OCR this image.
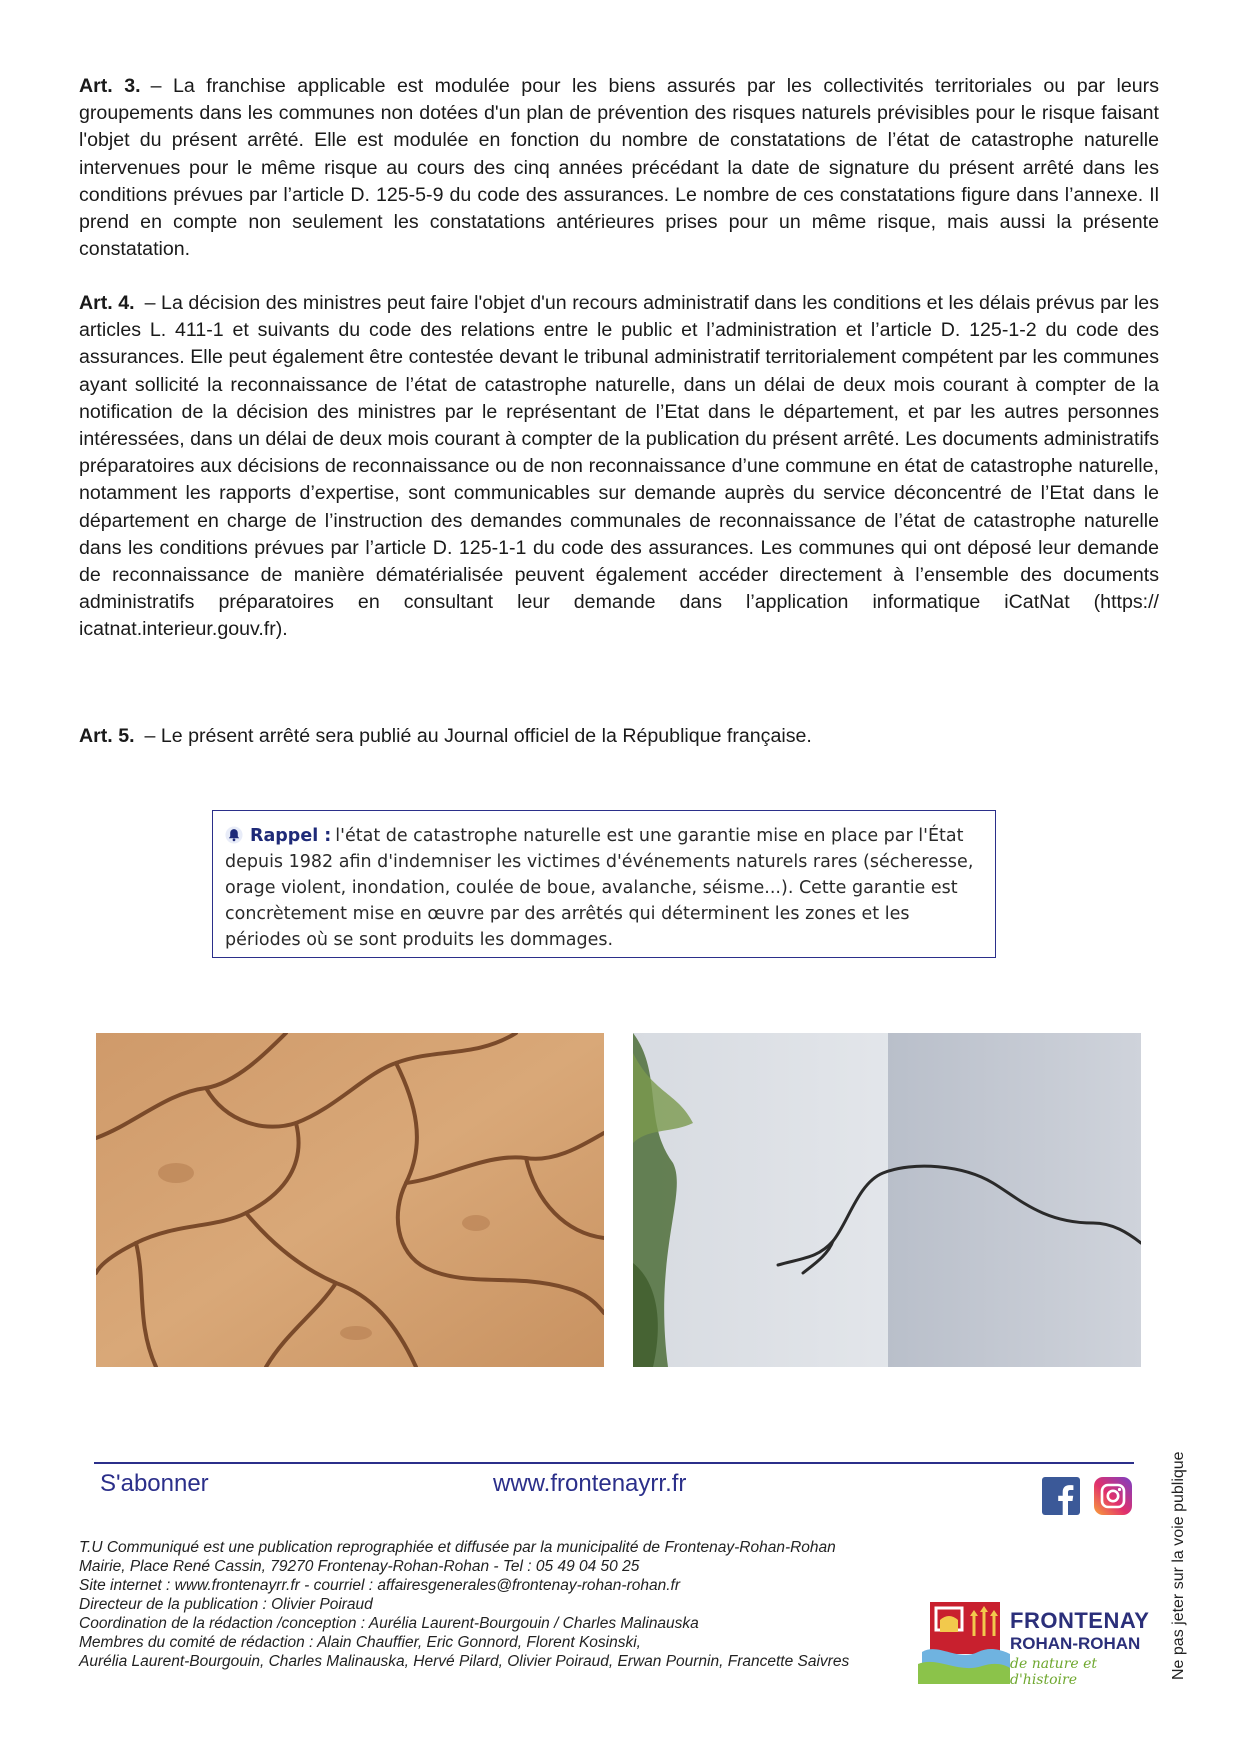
Art. 3. – La franchise applicable est modulée pour les biens assurés par les collectivités territoriales ou par leurs groupements dans les communes non dotées d'un plan de prévention des risques naturels prévisibles pour le risque faisant l'objet du présent arrêté. Elle est modulée en fonction du nombre de constatations de l’état de catastrophe naturelle intervenues pour le même risque au cours des cinq années précédant la date de signature du présent arrêté dans les conditions prévues par l’article D. 125-5-9 du code des assurances. Le nombre de ces constatations figure dans l’annexe. Il prend en compte non seulement les constatations antérieures prises pour un même risque, mais aussi la présente constatation.

Art. 4. – La décision des ministres peut faire l'objet d'un recours administratif dans les conditions et les délais prévus par les articles L. 411-1 et suivants du code des relations entre le public et l’administration et l’article D. 125-1-2 du code des assurances. Elle peut également être contestée devant le tribunal administratif territorialement compétent par les communes ayant sollicité la reconnaissance de l’état de catastrophe naturelle, dans un délai de deux mois courant à compter de la notification de la décision des ministres par le représentant de l’Etat dans le département, et par les autres personnes intéressées, dans un délai de deux mois courant à compter de la publication du présent arrêté. Les documents administratifs préparatoires aux décisions de reconnaissance ou de non reconnaissance d’une commune en état de catastrophe naturelle, notamment les rapports d’expertise, sont communicables sur demande auprès du service déconcentré de l’Etat dans le département en charge de l’instruction des demandes communales de reconnaissance de l’état de catastrophe naturelle dans les conditions prévues par l’article D. 125-1-1 du code des assurances. Les communes qui ont déposé leur demande de reconnaissance de manière dématérialisée peuvent également accéder directement à l’ensemble des documents administratifs préparatoires en consultant leur demande dans l’application informatique iCatNat (https:// icatnat.interieur.gouv.fr).

Art. 5. – Le présent arrêté sera publié au Journal officiel de la République française.

Rappel : l'état de catastrophe naturelle est une garantie mise en place par l'État depuis 1982 afin d'indemniser les victimes d'événements naturels rares (sécheresse, orage violent, inondation, coulée de boue, avalanche, séisme...). Cette garantie est concrètement mise en œuvre par des arrêtés qui déterminent les zones et les périodes où se sont produits les dommages.
S'abonner	www.frontenayrr.fr
T.U Communiqué est une publication reprographiée et diffusée par la municipalité de Frontenay-Rohan-Rohan
Mairie, Place René Cassin, 79270 Frontenay-Rohan-Rohan - Tel : 05 49 04 50 25
Site internet : www.frontenayrr.fr - courriel : affairesgenerales@frontenay-rohan-rohan.fr
Directeur de la publication : Olivier Poiraud
Coordination de la rédaction /conception : Aurélia Laurent-Bourgouin / Charles Malinauska
Membres du comité de rédaction : Alain Chauffier, Eric Gonnord, Florent Kosinski,
Aurélia Laurent-Bourgouin, Charles Malinauska, Hervé Pilard, Olivier Poiraud, Erwan Pournin, Francette Saivres
FRONTENAY
ROHAN-ROHAN
de nature et d'histoire	Ne pas jeter sur la voie publique
